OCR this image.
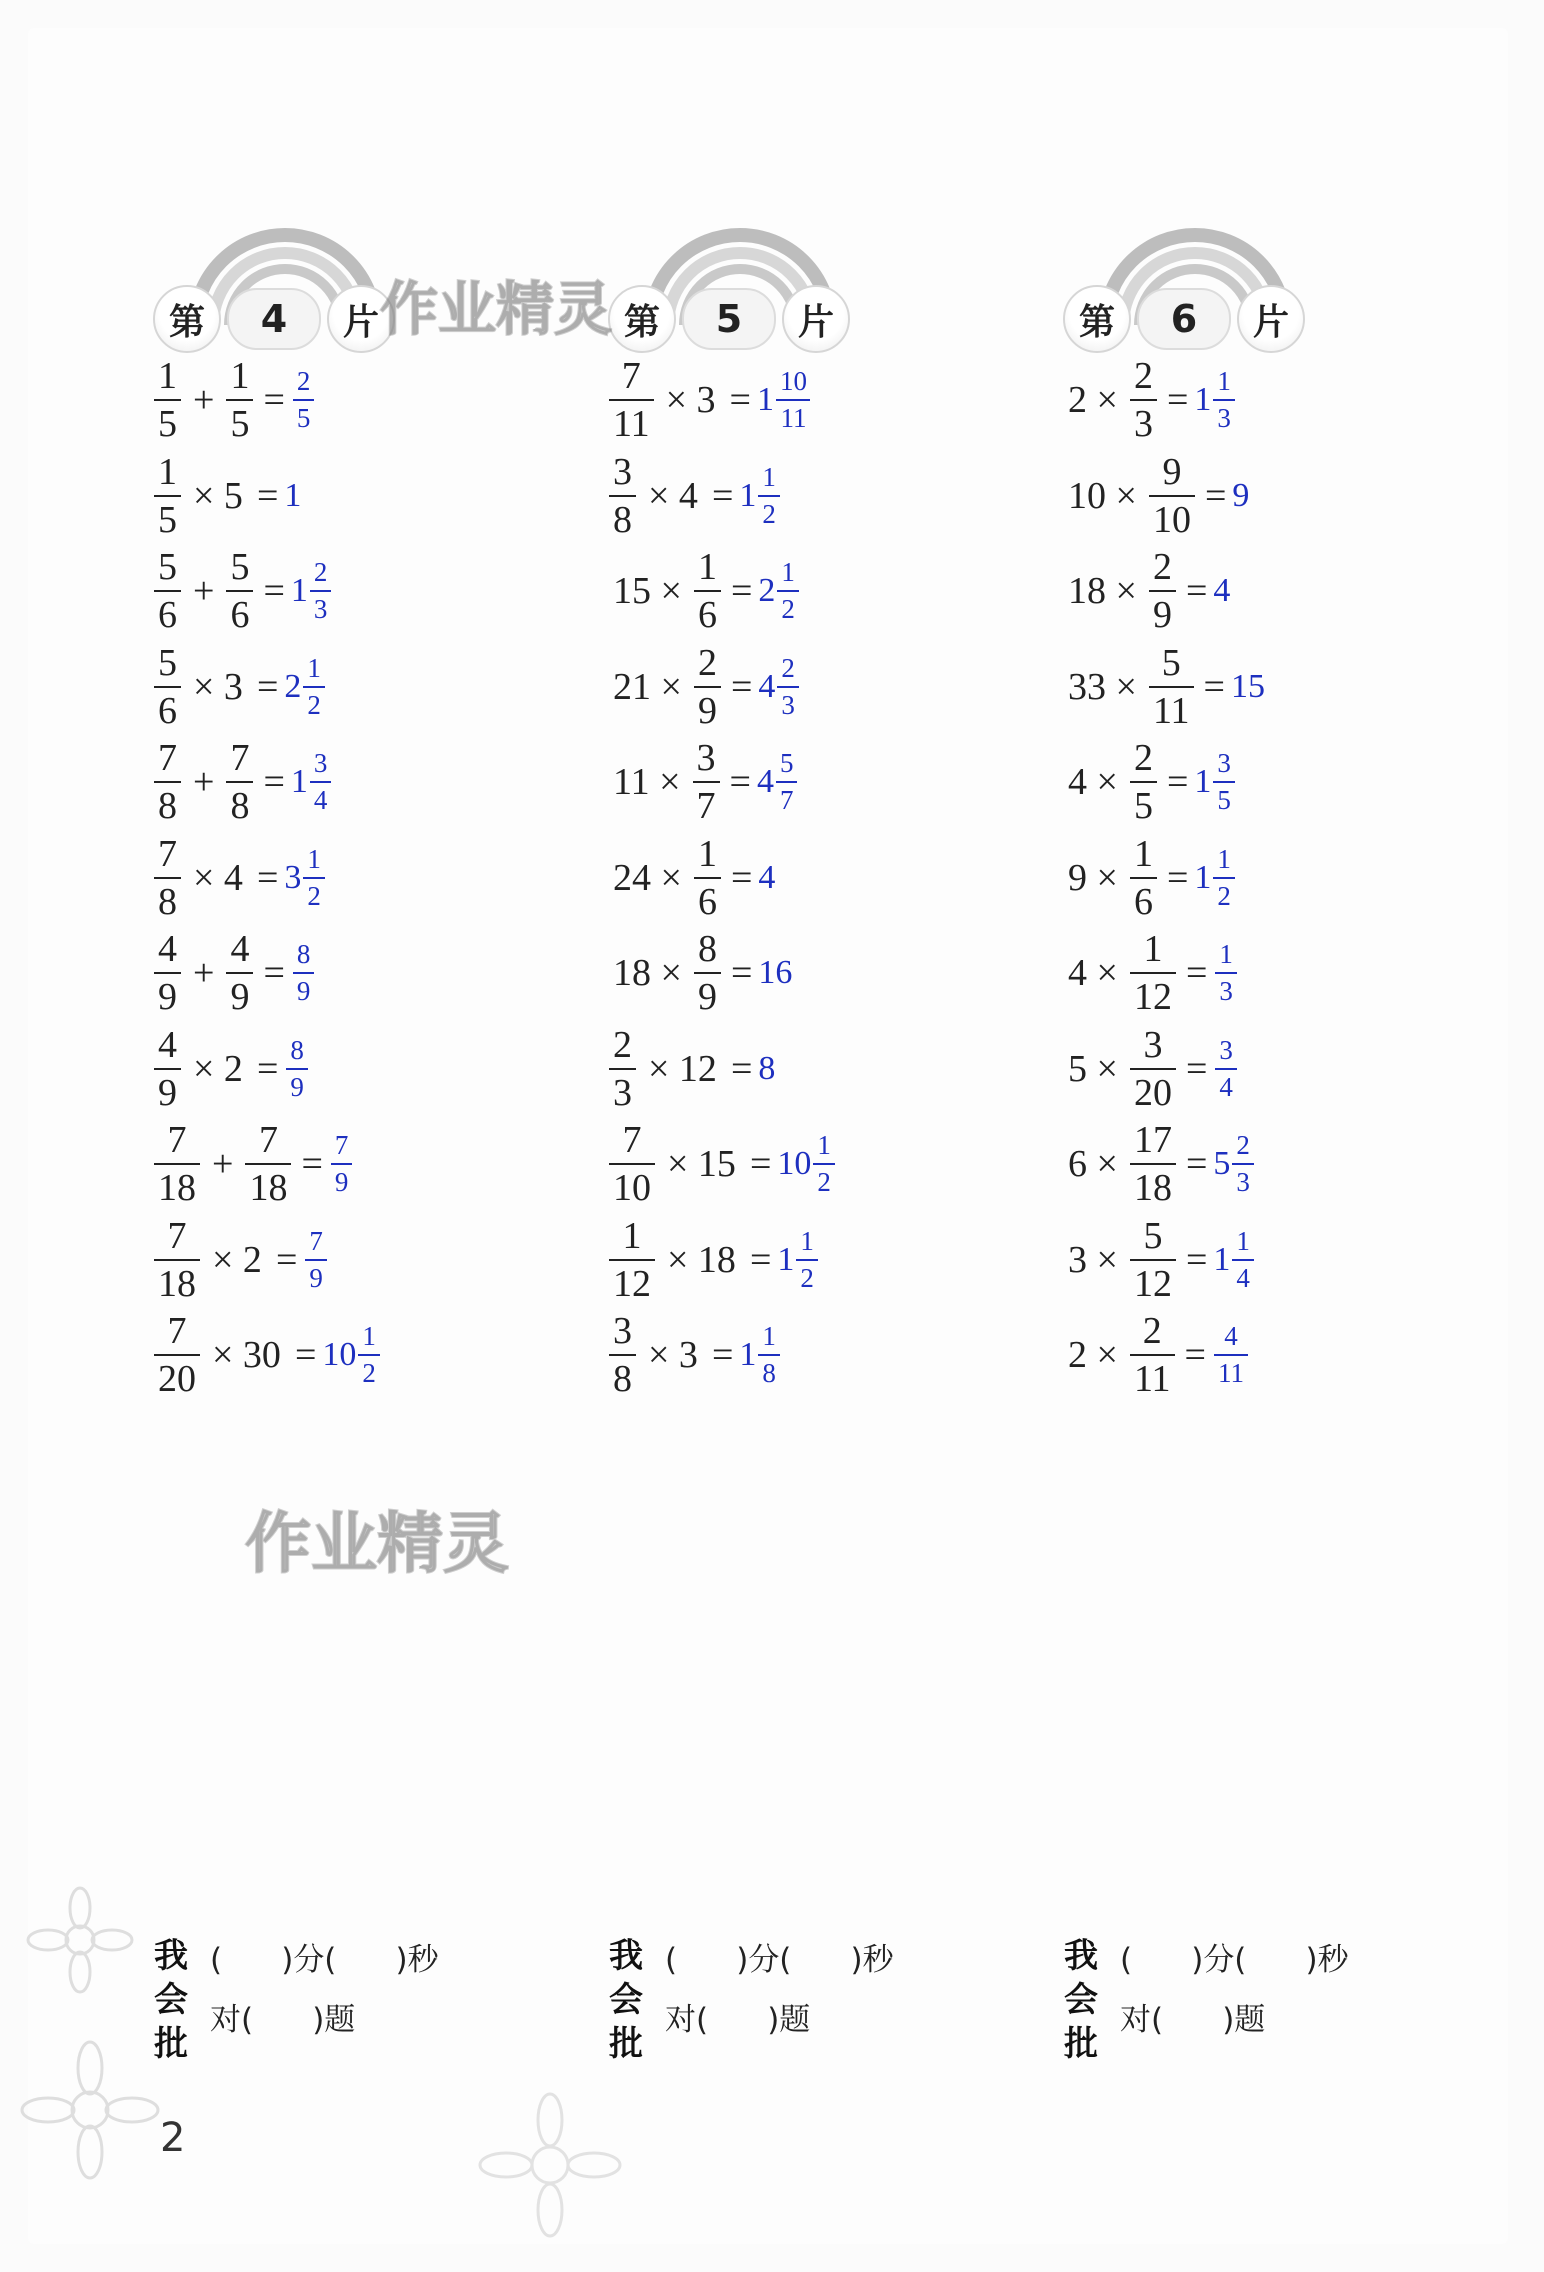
第	4	片
$\frac{1}{5} + \frac{1}{5} = \frac{2}{5}$
$\frac{1}{5} \times 5 = 1$
$\frac{5}{6} + \frac{5}{6} = 1 \frac{2}{3}$
$\frac{5}{6} \times 3 = 2 \frac{1}{2}$
$\frac{7}{8} + \frac{7}{8} = 1 \frac{3}{4}$
$\frac{7}{8} \times 4 = 3 \frac{1}{2}$
$\frac{4}{9} + \frac{4}{9} = \frac{8}{9}$
$\frac{4}{9} \times 2 = \frac{8}{9}$
$\frac{7}{18} + \frac{7}{18} = \frac{7}{9}$
$\frac{7}{18} \times 2 = \frac{7}{9}$
$\frac{7}{20} \times 30 = 10 \frac{1}{2}$
我
会
批
(      )分(      )秒
对(      )题
第	5	片
$\frac{7}{11} \times 3 = 1 \frac{10}{11}$
$\frac{3}{8} \times 4 = 1 \frac{1}{2}$
$15 \times \frac{1}{6} = 2 \frac{1}{2}$
$21 \times \frac{2}{9} = 4 \frac{2}{3}$
$11 \times \frac{3}{7} = 4 \frac{5}{7}$
$24 \times \frac{1}{6} = 4$
$18 \times \frac{8}{9} = 16$
$\frac{2}{3} \times 12 = 8$
$\frac{7}{10} \times 15 = 10 \frac{1}{2}$
$\frac{1}{12} \times 18 = 1 \frac{1}{2}$
$\frac{3}{8} \times 3 = 1 \frac{1}{8}$
我
会
批
(      )分(      )秒
对(      )题
第	6	片
$2 \times \frac{2}{3} = 1 \frac{1}{3}$
$10 \times \frac{9}{10} = 9$
$18 \times \frac{2}{9} = 4$
$33 \times \frac{5}{11} = 15$
$4 \times \frac{2}{5} = 1 \frac{3}{5}$
$9 \times \frac{1}{6} = 1 \frac{1}{2}$
$4 \times \frac{1}{12} = \frac{1}{3}$
$5 \times \frac{3}{20} = \frac{3}{4}$
$6 \times \frac{17}{18} = 5 \frac{2}{3}$
$3 \times \frac{5}{12} = 1 \frac{1}{4}$
$2 \times \frac{2}{11} = \frac{4}{11}$
我
会
批
(      )分(      )秒
对(      )题
作业精灵
作业精灵
2
